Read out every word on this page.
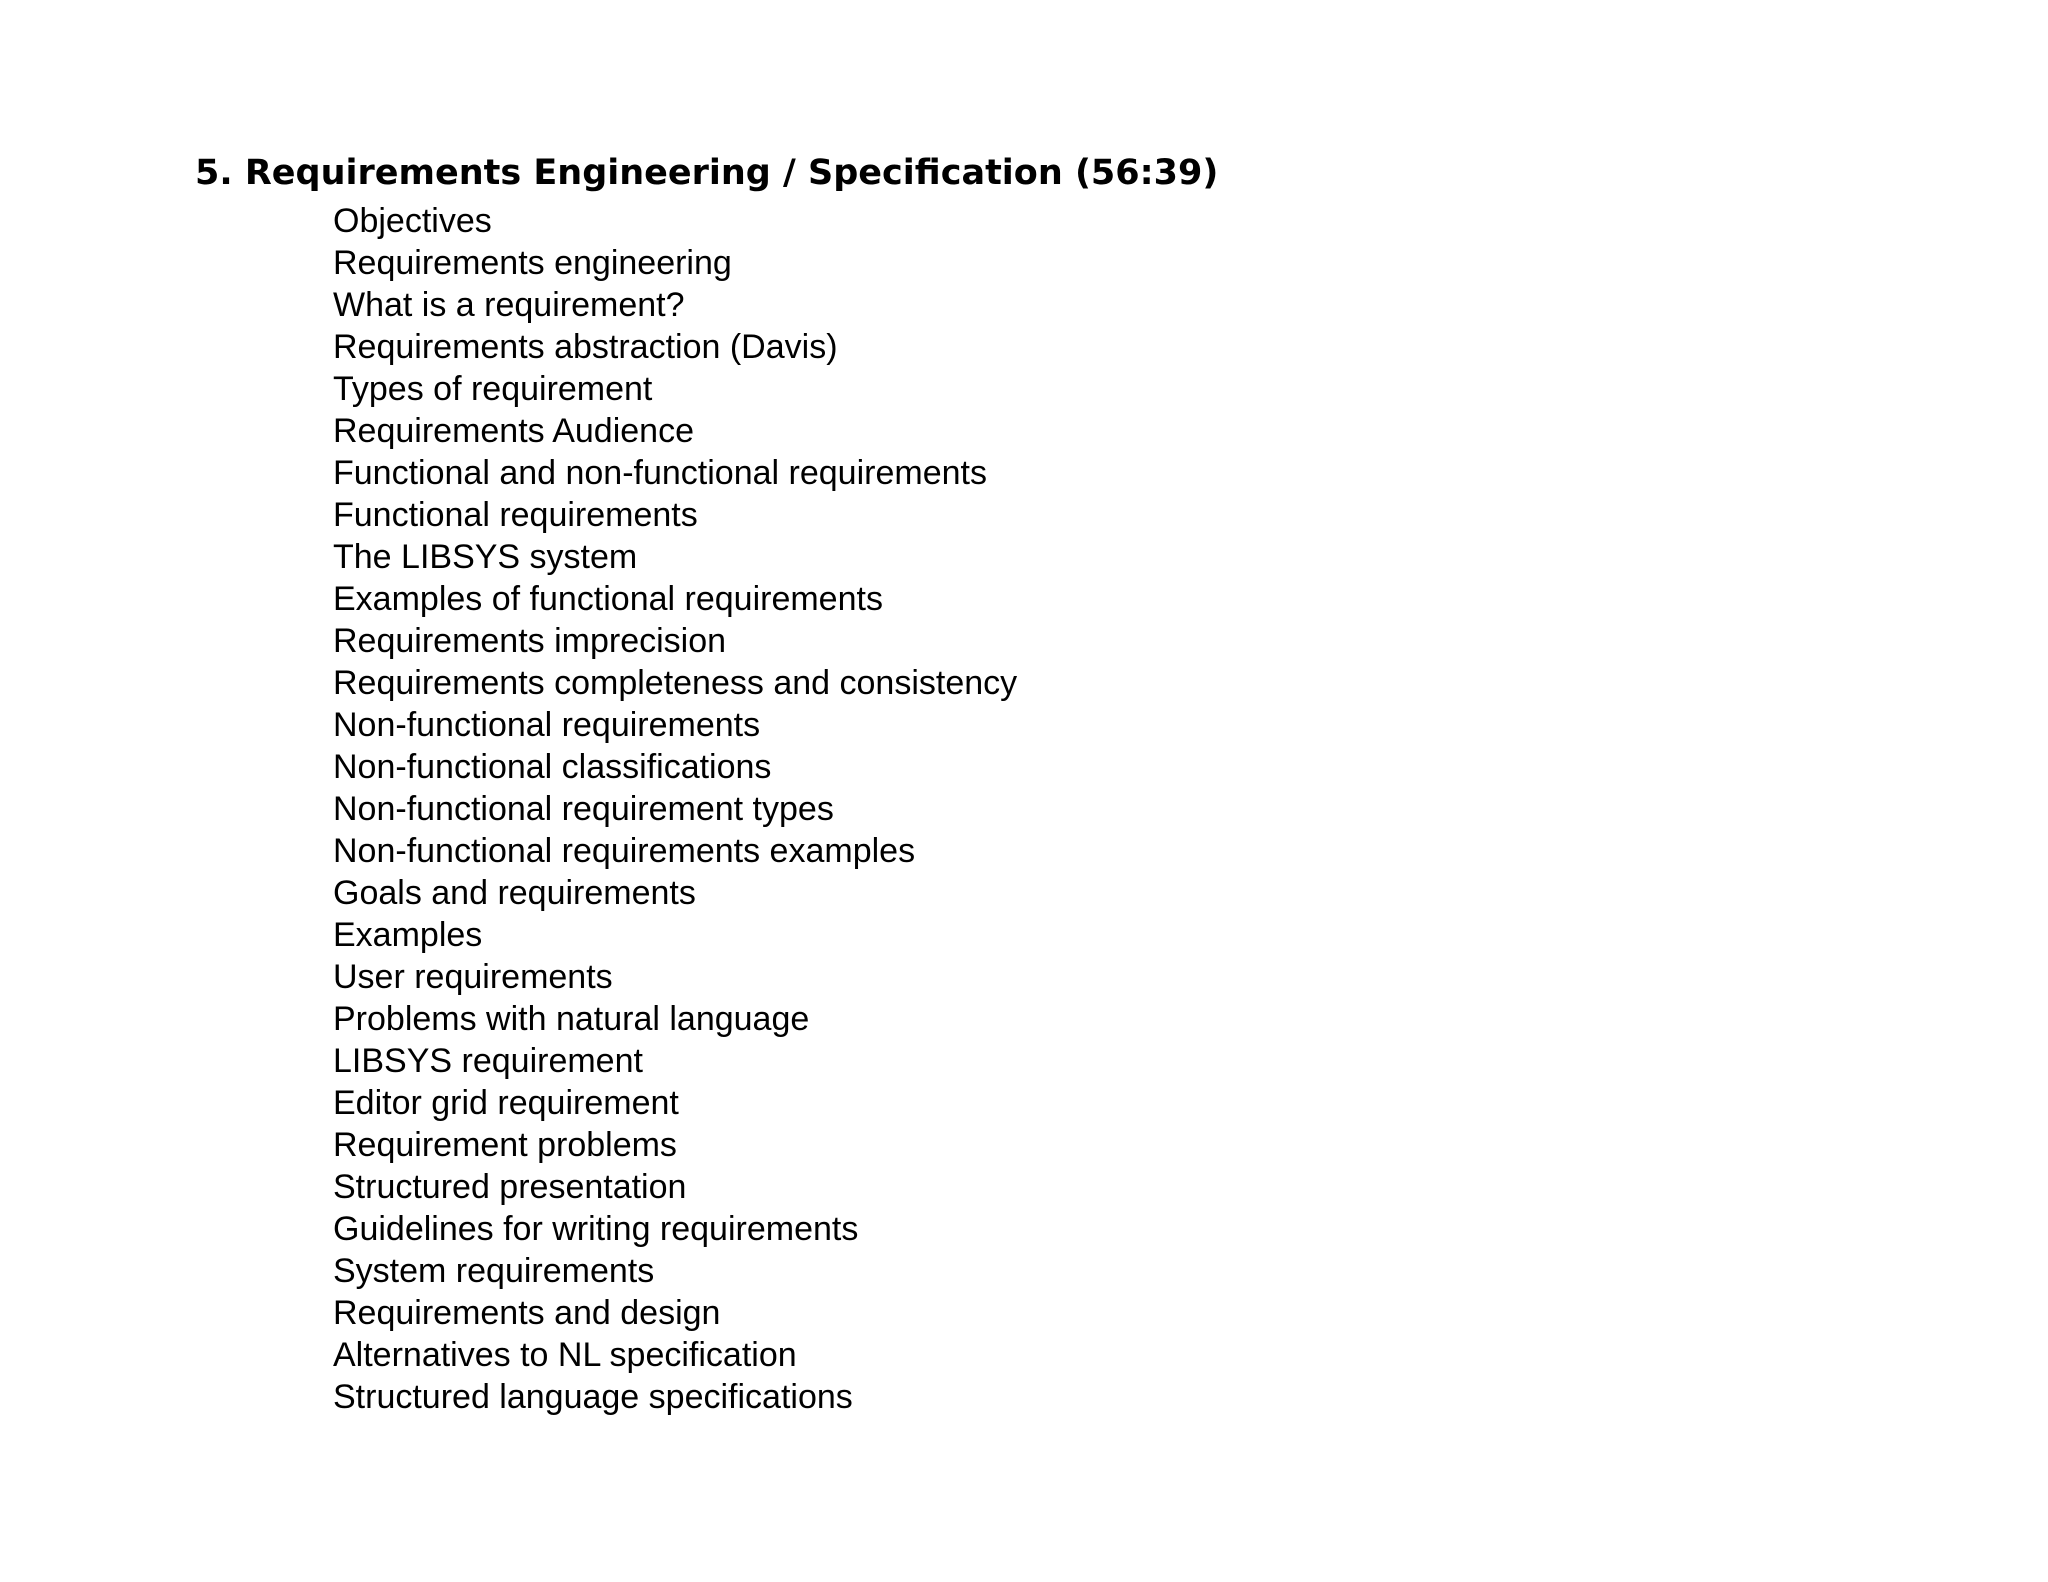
5. Requirements Engineering / Specification (56:39)
Objectives
Requirements engineering
What is a requirement?
Requirements abstraction (Davis)
Types of requirement
Requirements Audience
Functional and non-functional requirements
Functional requirements
The LIBSYS system
Examples of functional requirements
Requirements imprecision
Requirements completeness and consistency
Non-functional requirements
Non-functional classifications
Non-functional requirement types
Non-functional requirements examples
Goals and requirements
Examples
User requirements
Problems with natural language
LIBSYS requirement
Editor grid requirement
Requirement problems
Structured presentation
Guidelines for writing requirements
System requirements
Requirements and design
Alternatives to NL specification
Structured language specifications
